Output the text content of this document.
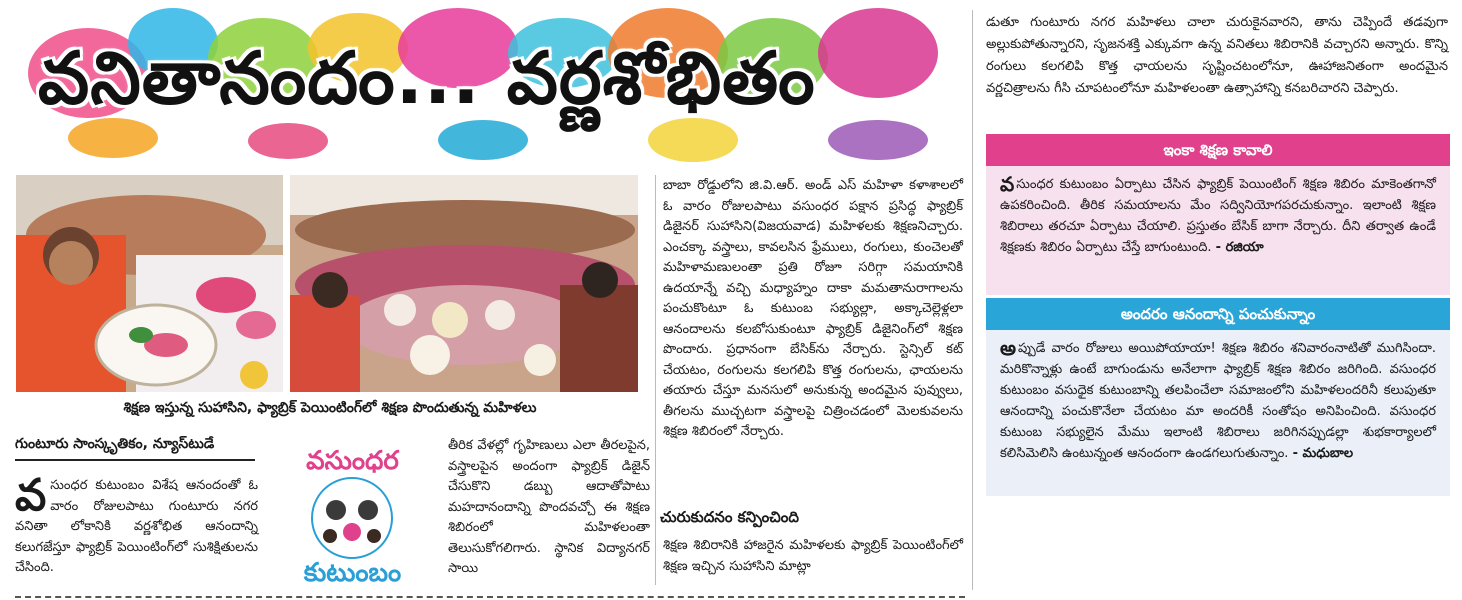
వనితానందం... వర్ణశోభితం
శిక్షణ ఇస్తున్న సుహాసిని, ఫ్యాబ్రిక్ పెయింటింగ్‌లో శిక్షణ పొందుతున్న మహిళలు
గుంటూరు సాంస్కృతికం, న్యూస్‌టుడే
వ సుంధర కుటుంబం విశేష ఆనందంతో ఓ వారం రోజులపాటు గుంటూరు నగర వనితా లోకానికి వర్ణశోభిత ఆనందాన్ని కలుగజేస్తూ ఫ్యాబ్రిక్ పెయింటింగ్‌లో సుశిక్షితులను చేసింది.
వసుంధర
కుటుంబం

తీరిక వేళల్లో గృహిణులు ఎలా తీరలపైన, వస్త్రాలపైన అందంగా ఫ్యాబ్రిక్ డిజైన్ చేసుకొని డబ్బు ఆదాతోపాటు మహదానందాన్ని పొందవచ్చో ఈ శిక్షణ శిబిరంలో మహిళలంతా తెలుసుకోగలిగారు. స్థానిక విద్యానగర్ సాయి

బాబా రోడ్డులోని జి.వి.ఆర్. అండ్ ఎస్ మహిళా కళాశాలలో ఓ వారం రోజులపాటు వసుంధర పక్షాన ప్రసిద్ధ ఫ్యాబ్రిక్ డిజైనర్ సుహాసిని(విజయవాడ) మహిళలకు శిక్షణనిచ్చారు. ఎంచక్కా వస్త్రాలు, కావలసిన ఫ్రేములు, రంగులు, కుంచెలతో మహిళామణులంతా ప్రతి రోజూ సరిగ్గా సమయానికి ఉదయాన్నే వచ్చి మధ్యాహ్నం దాకా మమతానురాగాలను పంచుకొంటూ ఓ కుటుంబ సభ్యుల్లా, అక్కాచెల్లెళ్లలా ఆనందాలను కలబోసుకుంటూ ఫ్యాబ్రిక్ డిజైనింగ్‌లో శిక్షణ పొందారు. ప్రధానంగా బేసిక్‌ను నేర్చారు. స్టెన్సిల్ కట్ చేయటం, రంగులను కలగలిపి కొత్త రంగులను, ఛాయలను తయారు చేస్తూ మనసులో అనుకున్న అందమైన పువ్వులు, తీగలను ముచ్చటగా వస్త్రాలపై చిత్రించడంలో మెలకువలను శిక్షణ శిబిరంలో నేర్చారు.

చురుకుదనం కన్పించింది

శిక్షణ శిబిరానికి హాజరైన మహిళలకు ఫ్యాబ్రిక్ పెయింటింగ్‌లో శిక్షణ ఇచ్చిన సుహాసిని మాట్లా

డుతూ గుంటూరు నగర మహిళలు చాలా చురుకైనవారని, తాను చెప్పిందే తడవుగా అల్లుకుపోతున్నారని, సృజనశక్తి ఎక్కువగా ఉన్న వనితలు శిబిరానికి వచ్చారని అన్నారు. కొన్ని రంగులు కలగలిపి కొత్త ఛాయలను సృష్టించటంలోనూ, ఊహాజనితంగా అందమైన వర్ణచిత్రాలను గీసి చూపటంలోనూ మహిళలంతా ఉత్సాహాన్ని కనబరిచారని చెప్పారు.

ఇంకా శిక్షణ కావాలి
వ సుంధర కుటుంబం ఏర్పాటు చేసిన ఫ్యాబ్రిక్ పెయింటింగ్ శిక్షణ శిబిరం మాకెంతగానో ఉపకరించింది. తీరిక సమయాలను మేం సద్వినియోగపరచుకున్నాం. ఇలాంటి శిక్షణ శిబిరాలు తరచూ ఏర్పాటు చేయాలి. ప్రస్తుతం బేసిక్ బాగా నేర్చారు. దీని తర్వాత ఉండే శిక్షణకు శిబిరం ఏర్పాటు చేస్తే బాగుంటుంది. - రజియా
అందరం ఆనందాన్ని పంచుకున్నాం
అ ప్పుడే వారం రోజులు అయిపోయాయా! శిక్షణ శిబిరం శనివారంనాటితో ముగిసిందా. మరికొన్నాళ్లు ఉంటే బాగుండును అనేలాగా ఫ్యాబ్రిక్ శిక్షణ శిబిరం జరిగింది. వసుంధర కుటుంబం వసుధైక కుటుంబాన్ని తలపించేలా సమాజంలోని మహిళలందరినీ కలుపుతూ ఆనందాన్ని పంచుకొనేలా చేయటం మా అందరికీ సంతోషం అనిపించింది. వసుంధర కుటుంబ సభ్యులైన మేము ఇలాంటి శిబిరాలు జరిగినప్పుడల్లా శుభకార్యాలలో కలిసిమెలిసి ఉంటున్నంత ఆనందంగా ఉండగలుగుతున్నాం. - మధుబాల
